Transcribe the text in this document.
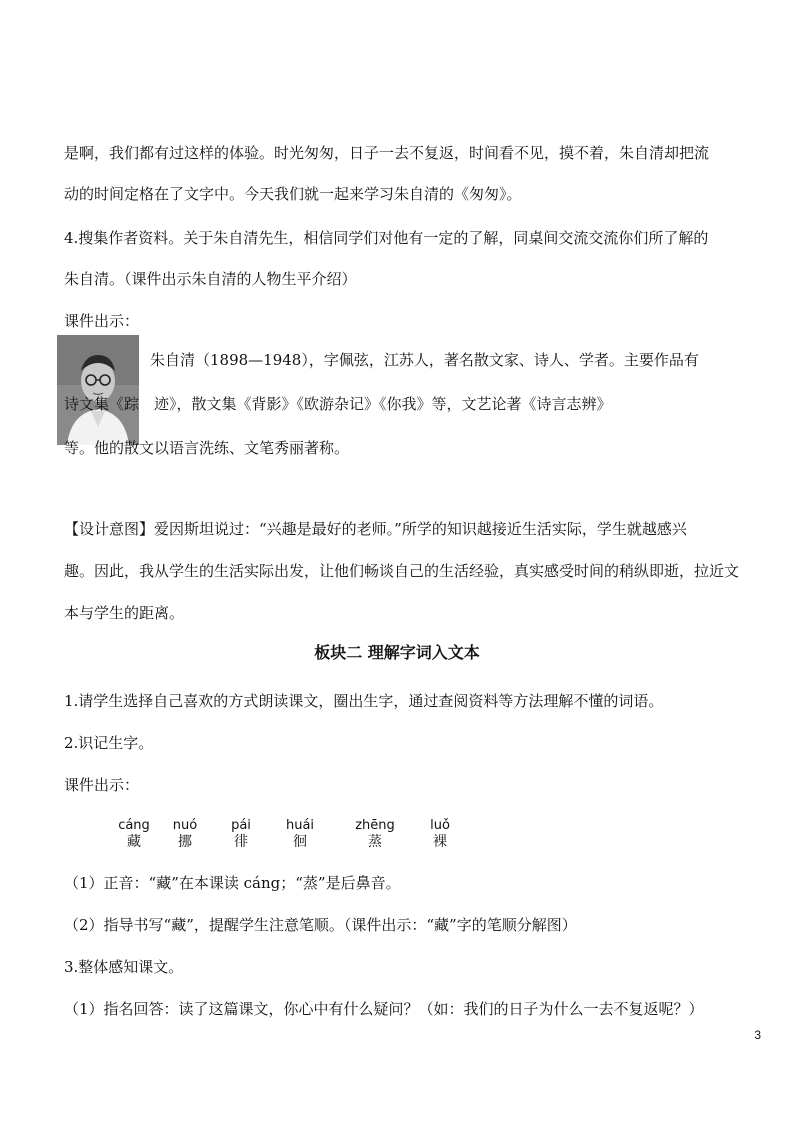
是啊，我们都有过这样的体验。时光匆匆，日子一去不复返，时间看不见，摸不着，朱自清却把流

动的时间定格在了文字中。今天我们就一起来学习朱自清的《匆匆》。

4.搜集作者资料。关于朱自清先生，相信同学们对他有一定的了解，同桌间交流交流你们所了解的

朱自清。（课件出示朱自清的人物生平介绍）

课件出示：

朱自清（1898—1948），字佩弦，江苏人，著名散文家、诗人、学者。主要作品有
诗文集《踪　迹》，散文集《背影》《欧游杂记》《你我》等，文艺论著《诗言志辨》
等。他的散文以语言洗练、文笔秀丽著称。

【设计意图】爱因斯坦说过：“兴趣是最好的老师。”所学的知识越接近生活实际，学生就越感兴

趣。因此，我从学生的生活实际出发，让他们畅谈自己的生活经验，真实感受时间的稍纵即逝，拉近文

本与学生的距离。

板块二 理解字词入文本

1.请学生选择自己喜欢的方式朗读课文，圈出生字，通过查阅资料等方法理解不懂的词语。

2.识记生字。

课件出示：

cáng
藏
nuó
挪
pái
徘
huái
徊
zhēng
蒸
luǒ
裸

（1）正音：“藏”在本课读 cáng；“蒸”是后鼻音。

（2）指导书写“藏”，提醒学生注意笔顺。（课件出示：“藏”字的笔顺分解图）

3.整体感知课文。

（1）指名回答：读了这篇课文，你心中有什么疑问？（如：我们的日子为什么一去不复返呢？）

3
